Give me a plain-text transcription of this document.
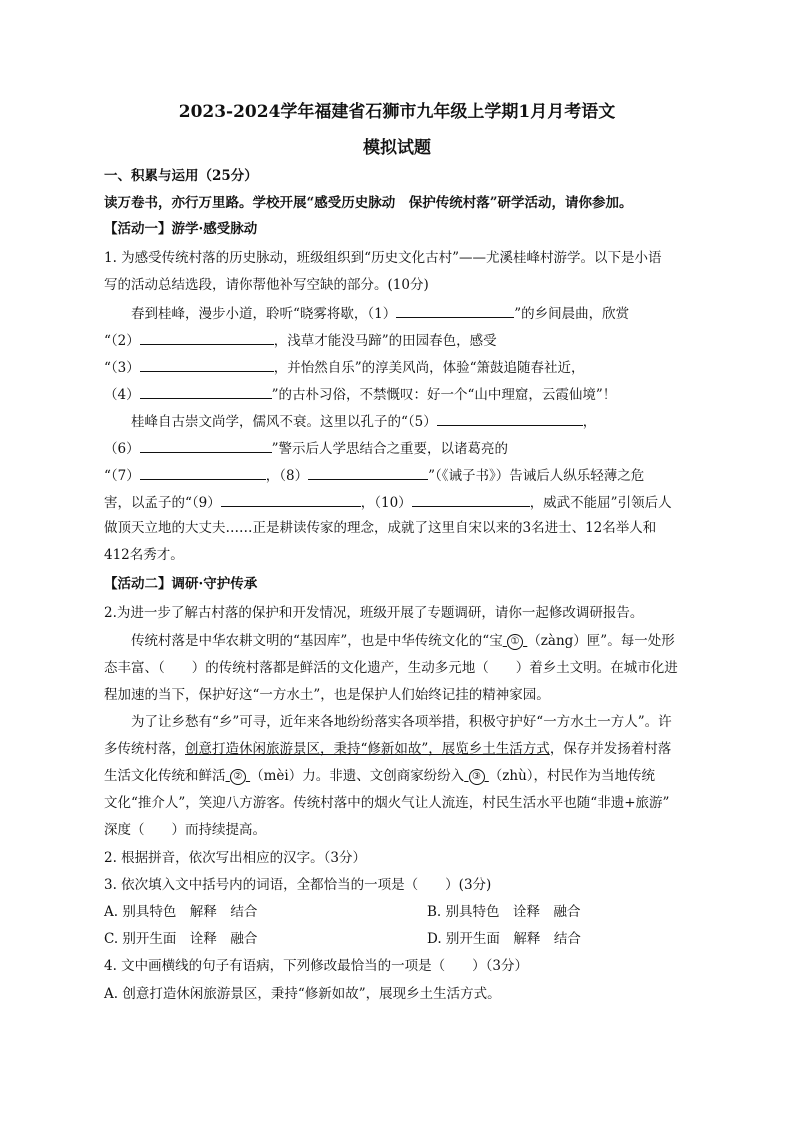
2023-2024学年福建省石狮市九年级上学期1月月考语文
模拟试题
一、积累与运用（25分）
读万卷书，亦行万里路。学校开展“感受历史脉动　保护传统村落”研学活动，请你参加。
【活动一】游学·感受脉动
1. 为感受传统村落的历史脉动，班级组织到“历史文化古村”——尤溪桂峰村游学。以下是小语
写的活动总结选段，请你帮他补写空缺的部分。(10分)
春到桂峰，漫步小道，聆听“晓雾将歇，（1）	”的乡间晨曲，欣赏
“（2）	，浅草才能没马蹄”的田园春色，感受
“（3）	，并怡然自乐”的淳美风尚，体验“箫鼓追随春社近，
（4）	”的古朴习俗，不禁慨叹：好一个“山中理窟，云霞仙境”！
桂峰自古崇文尚学，儒风不衰。这里以孔子的“（5）	，
（6）	”警示后人学思结合之重要，以诸葛亮的
“（7）	，（8）	”（《诫子书》）告诫后人纵乐轻薄之危
害，以孟子的“（9）	，（10）	，威武不能屈”引领后人
做顶天立地的大丈夫……正是耕读传家的理念，成就了这里自宋以来的3名进士、12名举人和
412名秀才。
【活动二】调研·守护传承
2.为进一步了解古村落的保护和开发情况，班级开展了专题调研，请你一起修改调研报告。
传统村落是中华农耕文明的“基因库”，也是中华传统文化的“宝 ① （zàng）匣”。每一处形
态丰富、（　　）的传统村落都是鲜活的文化遗产，生动多元地（　　）着乡土文明。在城市化进
程加速的当下，保护好这“一方水土”，也是保护人们始终记挂的精神家园。
为了让乡愁有“乡”可寻，近年来各地纷纷落实各项举措，积极守护好“一方水土一方人”。许
多传统村落，创意打造休闲旅游景区，秉持“修新如故”，展览乡土生活方式，保存并发扬着村落
生活文化传统和鲜活 ② （mèi）力。非遗、文创商家纷纷入 ③ （zhù），村民作为当地传统
文化“推介人”，笑迎八方游客。传统村落中的烟火气让人流连，村民生活水平也随“非遗+旅游”
深度（　　）而持续提高。
2. 根据拼音，依次写出相应的汉字。（3分）
3. 依次填入文中括号内的词语，全都恰当的一项是（　　）(3分)
A. 别具特色　解释　结合	B. 别具特色　诠释　融合
C. 别开生面　诠释　融合	D. 别开生面　解释　结合
4. 文中画横线的句子有语病，下列修改最恰当的一项是（　　）（3分）
A. 创意打造休闲旅游景区，秉持“修新如故”，展现乡土生活方式。
